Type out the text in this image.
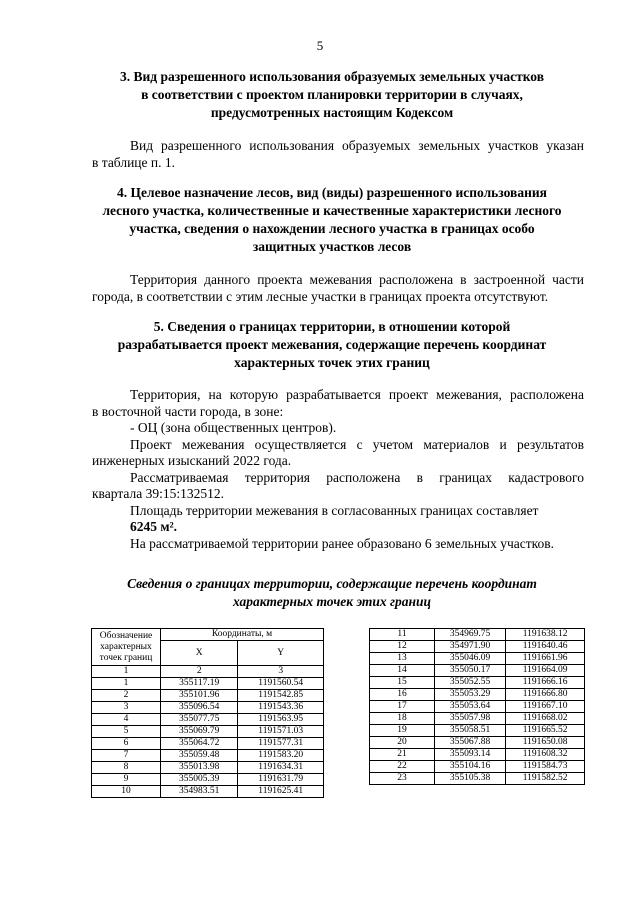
5
3. Вид разрешенного использования образуемых земельных участков
в соответствии с проектом планировки территории в случаях,
предусмотренных настоящим Кодексом
Вид разрешенного использования образуемых земельных участков указан
в таблице п. 1.
4. Целевое назначение лесов, вид (виды) разрешенного использования
лесного участка, количественные и качественные характеристики лесного
участка, сведения о нахождении лесного участка в границах особо
защитных участков лесов
Территория данного проекта межевания расположена в застроенной части
города, в соответствии с этим лесные участки в границах проекта отсутствуют.
5. Сведения о границах территории, в отношении которой
разрабатывается проект межевания, содержащие перечень координат
характерных точек этих границ
Территория, на которую разрабатывается проект межевания, расположена
в восточной части города, в зоне:
- ОЦ (зона общественных центров).
Проект межевания осуществляется с учетом материалов и результатов
инженерных изысканий 2022 года.
Рассматриваемая территория расположена в границах кадастрового
квартала 39:15:132512.
Площадь территории межевания в согласованных границах составляет
6245 м².
На рассматриваемой территории ранее образовано 6 земельных участков.
Сведения о границах территории, содержащие перечень координат
характерных точек этих границ
Обозначение характерных точек границ	Координаты, м	
	X	Y
1	2	3
1	355117.19	1191560.54
2	355101.96	1191542.85
3	355096.54	1191543.36
4	355077.75	1191563.95
5	355069.79	1191571.03
6	355064.72	1191577.31
7	355059.48	1191583.20
8	355013.98	1191634.31
9	355005.39	1191631.79
10	354983.51	1191625.41
11	354969.75	1191638.12
12	354971.90	1191640.46
13	355046.09	1191661.96
14	355050.17	1191664.09
15	355052.55	1191666.16
16	355053.29	1191666.80
17	355053.64	1191667.10
18	355057.98	1191668.02
19	355058.51	1191665.52
20	355067.88	1191650.08
21	355093.14	1191608.32
22	355104.16	1191584.73
23	355105.38	1191582.52
